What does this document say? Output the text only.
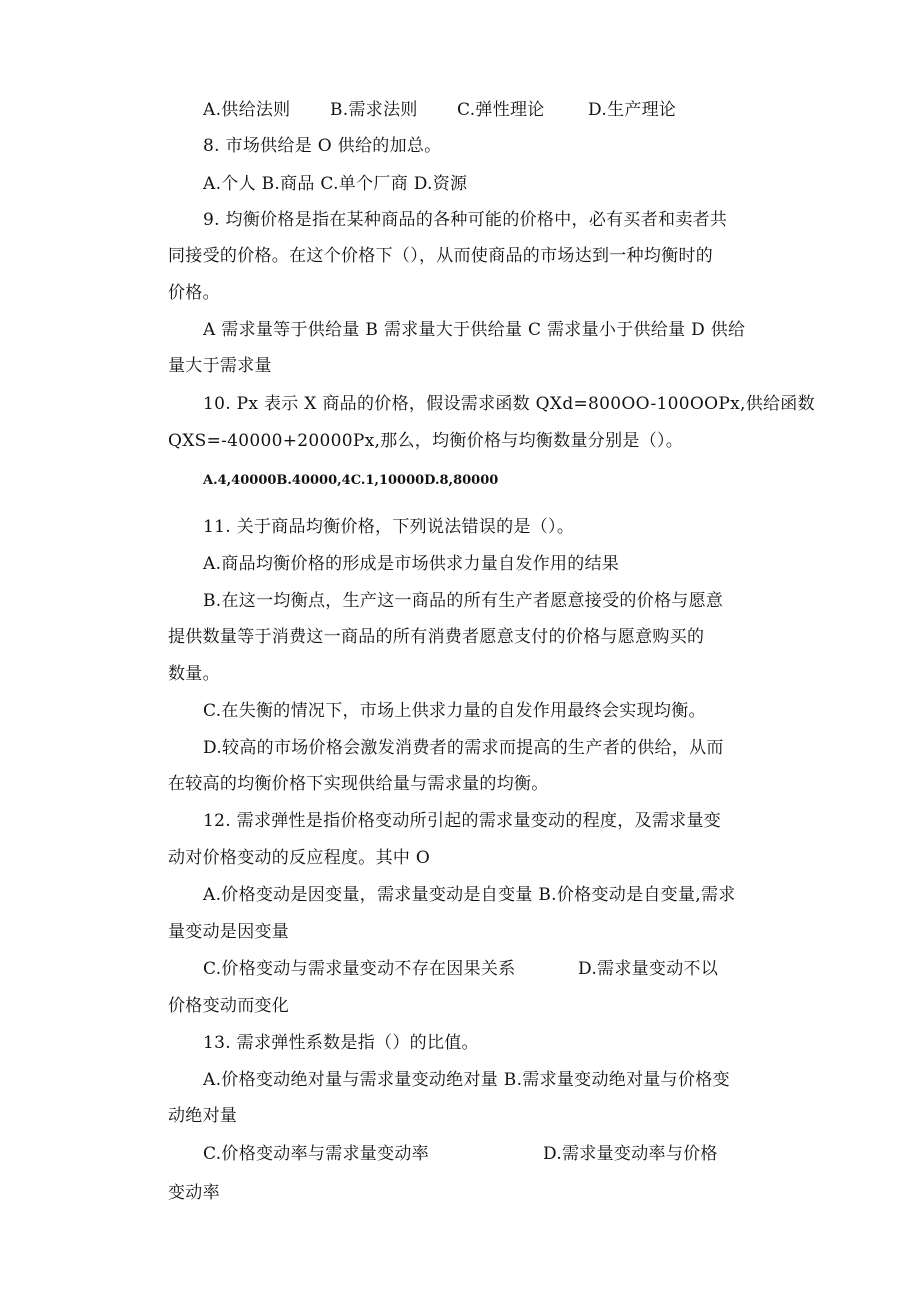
A.供给法则 B.需求法则 C.弹性理论	D.生产理论
8. 市场供给是 O 供给的加总。
A.个人 B.商品 C.单个厂商 D.资源
9. 均衡价格是指在某种商品的各种可能的价格中，必有买者和卖者共
同接受的价格。在这个价格下（），从而使商品的市场达到一种均衡时的
价格。
A 需求量等于供给量 B 需求量大于供给量 C 需求量小于供给量 D 供给
量大于需求量
10. Px 表示 X 商品的价格，假设需求函数 QXd=800OO-100OOPx,供给函数
QXS=-40000+20000Px,那么，均衡价格与均衡数量分别是（）。
A.4,40000B.40000,4C.1,10000D.8,80000
11. 关于商品均衡价格，下列说法错误的是（）。
A.商品均衡价格的形成是市场供求力量自发作用的结果
B.在这一均衡点，生产这一商品的所有生产者愿意接受的价格与愿意
提供数量等于消费这一商品的所有消费者愿意支付的价格与愿意购买的
数量。
C.在失衡的情况下，市场上供求力量的自发作用最终会实现均衡。
D.较高的市场价格会激发消费者的需求而提高的生产者的供给，从而
在较高的均衡价格下实现供给量与需求量的均衡。
12. 需求弹性是指价格变动所引起的需求量变动的程度，及需求量变
动对价格变动的反应程度。其中 O
A.价格变动是因变量，需求量变动是自变量 B.价格变动是自变量,需求
量变动是因变量
C.价格变动与需求量变动不存在因果关系	D.需求量变动不以
价格变动而变化
13. 需求弹性系数是指（）的比值。
A.价格变动绝对量与需求量变动绝对量 B.需求量变动绝对量与价格变
动绝对量
C.价格变动率与需求量变动率	D.需求量变动率与价格
变动率
